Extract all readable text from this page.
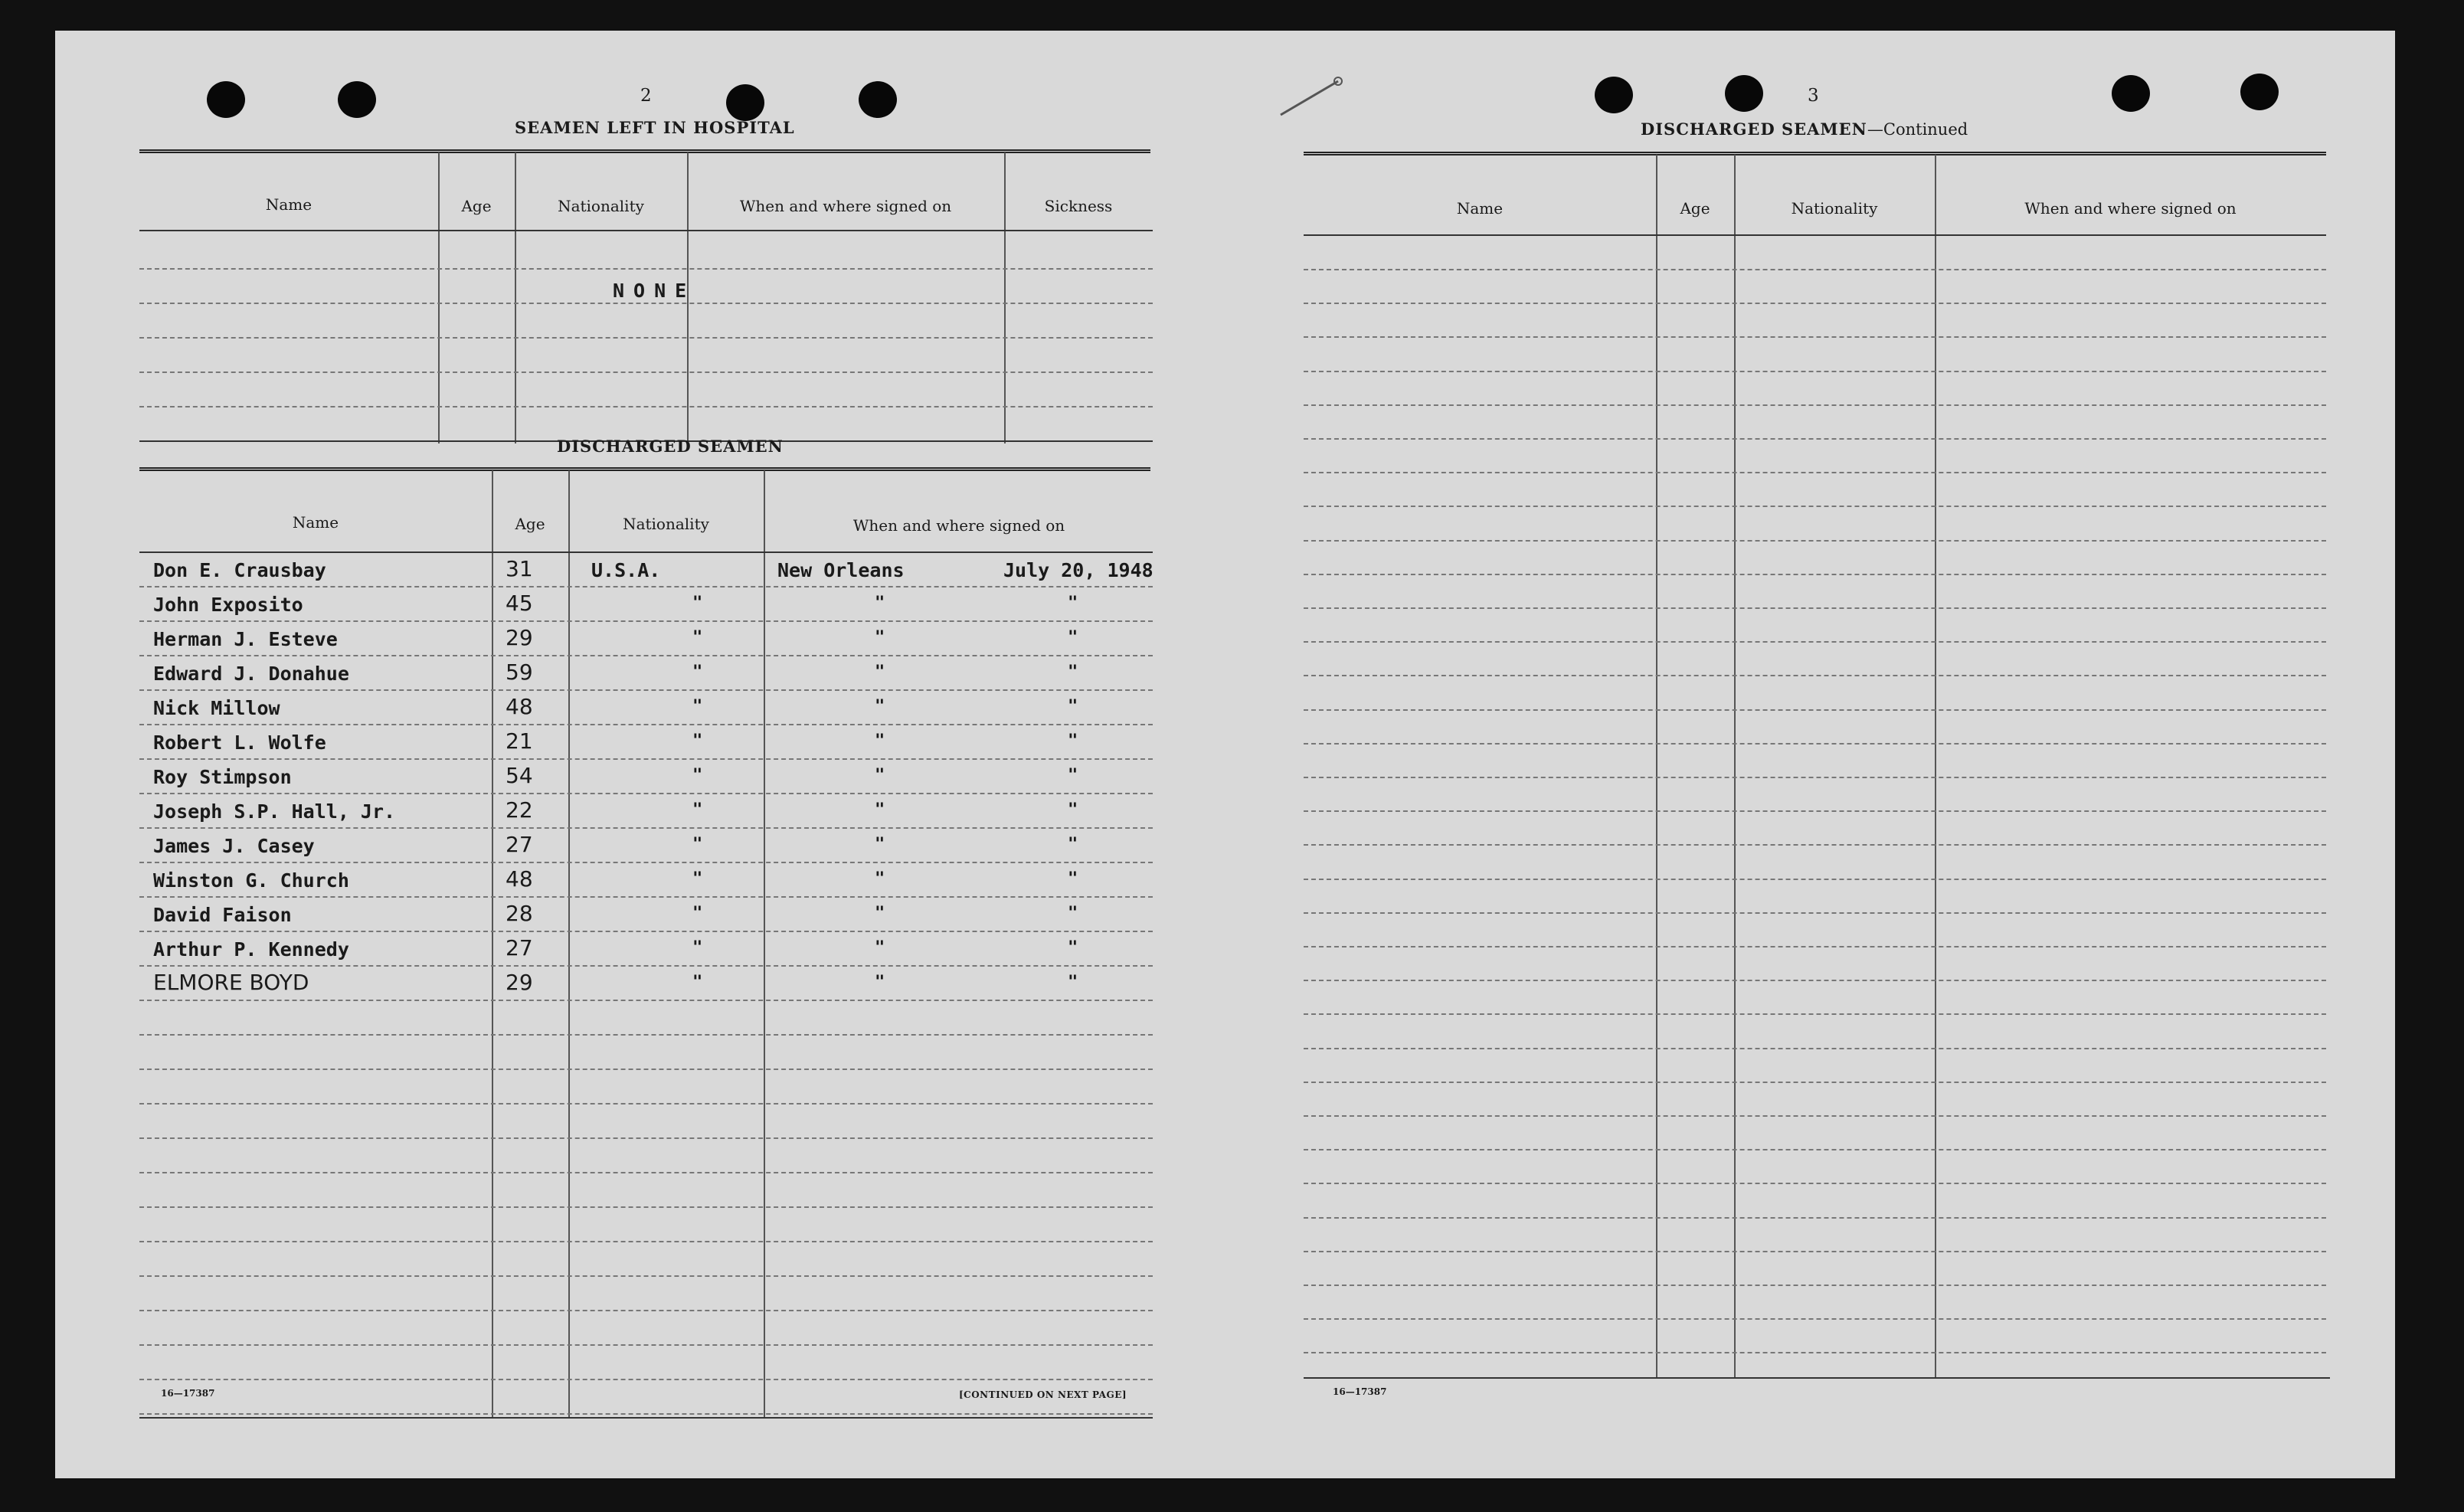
2
SEAMEN LEFT IN HOSPITAL
Name	Age	Nationality	When and where signed on	Sickness
NONE
DISCHARGED SEAMEN
Name	Age	Nationality	When and where signed on
Don E. Crausbay	31	U.S.A.	New Orleans	July 20, 1948
John Exposito	45	"	"	"
Herman J. Esteve	29	"	"	"
Edward J. Donahue	59	"	"	"
Nick Millow	48	"	"	"
Robert L. Wolfe	21	"	"	"
Roy Stimpson	54	"	"	"
Joseph S.P. Hall, Jr.	22	"	"	"
James J. Casey	27	"	"	"
Winston G. Church	48	"	"	"
David Faison	28	"	"	"
Arthur P. Kennedy	27	"	"	"
ELMORE BOYD	29	"	"	"
16—17387	[CONTINUED ON NEXT PAGE]
3
DISCHARGED SEAMEN—Continued
Name	Age	Nationality	When and where signed on
16—17387
